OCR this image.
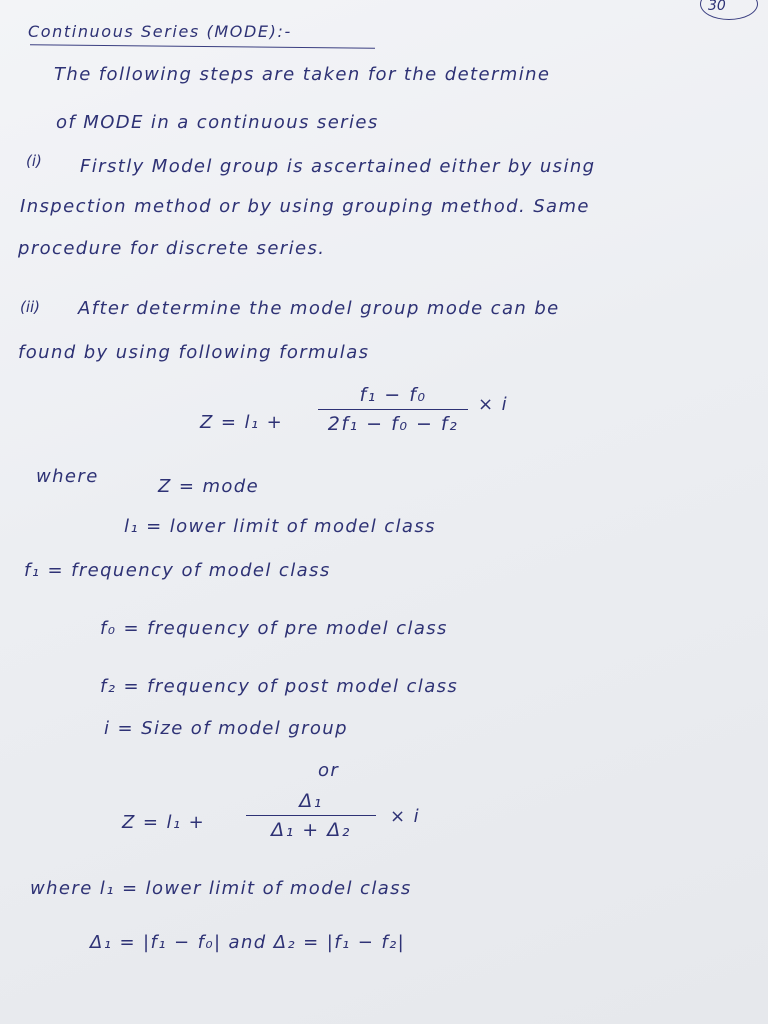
30
Continuous Series (MODE):-
The following steps are taken for the determine
of MODE in a continuous series
(i) Firstly Model group is ascertained either by using
Inspection method or by using grouping method. Same
procedure for discrete series.
(ii) After determine the model group mode can be
found by using following formulas
Z = l₁ +
f₁ − f₀
2f₁ − f₀ − f₂
× i
where	Z = mode
l₁ = lower limit of model class
f₁ = frequency of model class
f₀ = frequency of pre model class
f₂ = frequency of post model class
i = Size of model group
or
Z = l₁ +
Δ₁
Δ₁ + Δ₂
× i
where l₁ = lower limit of model class
Δ₁ = |f₁ − f₀| and Δ₂ = |f₁ − f₂|
